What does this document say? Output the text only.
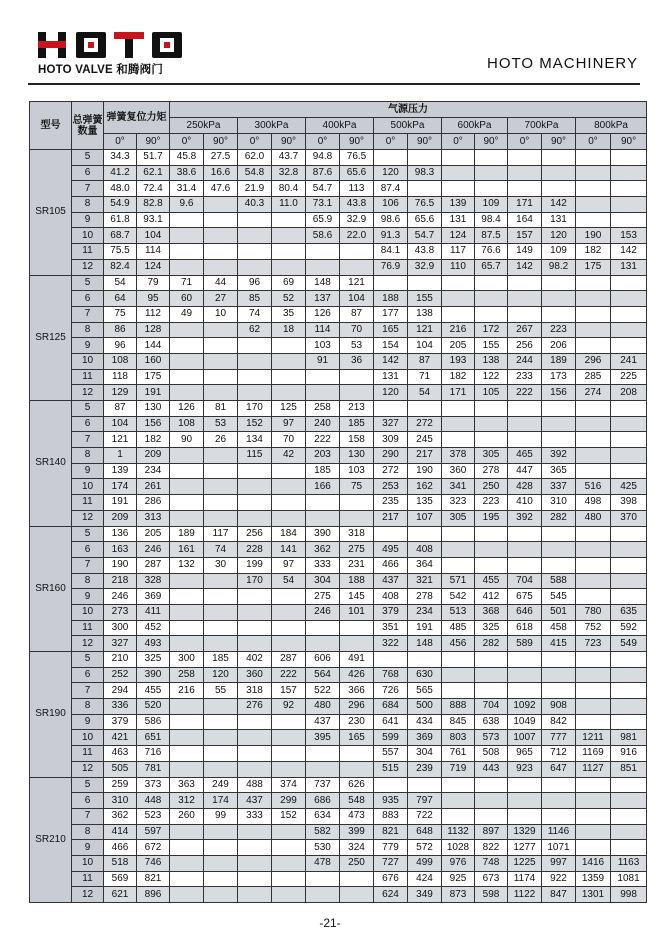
HOTO VALVE 和腾阀门	HOTO MACHINERY
型号	总弹簧数量	弹簧复位力矩		气源压力													
				250kPa		300kPa		400kPa		500kPa		600kPa		700kPa		800kPa	
		0°	90°	0°	90°	0°	90°	0°	90°	0°	90°	0°	90°	0°	90°	0°	90°
SR105	5	34.3	51.7	45.8	27.5	62.0	43.7	94.8	76.5								
	6	41.2	62.1	38.6	16.6	54.8	32.8	87.6	65.6	120	98.3						
	7	48.0	72.4	31.4	47.6	21.9	80.4	54.7	113	87.4							
	8	54.9	82.8	9.6		40.3	11.0	73.1	43.8	106	76.5	139	109	171	142		
	9	61.8	93.1					65.9	32.9	98.6	65.6	131	98.4	164	131		
	10	68.7	104					58.6	22.0	91.3	54.7	124	87.5	157	120	190	153
	11	75.5	114							84.1	43.8	117	76.6	149	109	182	142
	12	82.4	124							76.9	32.9	110	65.7	142	98.2	175	131
SR125	5	54	79	71	44	96	69	148	121								
	6	64	95	60	27	85	52	137	104	188	155						
	7	75	112	49	10	74	35	126	87	177	138						
	8	86	128			62	18	114	70	165	121	216	172	267	223		
	9	96	144					103	53	154	104	205	155	256	206		
	10	108	160					91	36	142	87	193	138	244	189	296	241
	11	118	175							131	71	182	122	233	173	285	225
	12	129	191							120	54	171	105	222	156	274	208
SR140	5	87	130	126	81	170	125	258	213								
	6	104	156	108	53	152	97	240	185	327	272						
	7	121	182	90	26	134	70	222	158	309	245						
	8	1	209			115	42	203	130	290	217	378	305	465	392		
	9	139	234					185	103	272	190	360	278	447	365		
	10	174	261					166	75	253	162	341	250	428	337	516	425
	11	191	286							235	135	323	223	410	310	498	398
	12	209	313							217	107	305	195	392	282	480	370
SR160	5	136	205	189	117	256	184	390	318								
	6	163	246	161	74	228	141	362	275	495	408						
	7	190	287	132	30	199	97	333	231	466	364						
	8	218	328			170	54	304	188	437	321	571	455	704	588		
	9	246	369					275	145	408	278	542	412	675	545		
	10	273	411					246	101	379	234	513	368	646	501	780	635
	11	300	452							351	191	485	325	618	458	752	592
	12	327	493							322	148	456	282	589	415	723	549
SR190	5	210	325	300	185	402	287	606	491								
	6	252	390	258	120	360	222	564	426	768	630						
	7	294	455	216	55	318	157	522	366	726	565						
	8	336	520			276	92	480	296	684	500	888	704	1092	908		
	9	379	586					437	230	641	434	845	638	1049	842		
	10	421	651					395	165	599	369	803	573	1007	777	1211	981
	11	463	716							557	304	761	508	965	712	1169	916
	12	505	781							515	239	719	443	923	647	1127	851
SR210	5	259	373	363	249	488	374	737	626								
	6	310	448	312	174	437	299	686	548	935	797						
	7	362	523	260	99	333	152	634	473	883	722						
	8	414	597					582	399	821	648	1132	897	1329	1146		
	9	466	672					530	324	779	572	1028	822	1277	1071		
	10	518	746					478	250	727	499	976	748	1225	997	1416	1163
	11	569	821							676	424	925	673	1174	922	1359	1081
	12	621	896							624	349	873	598	1122	847	1301	998
-21-
